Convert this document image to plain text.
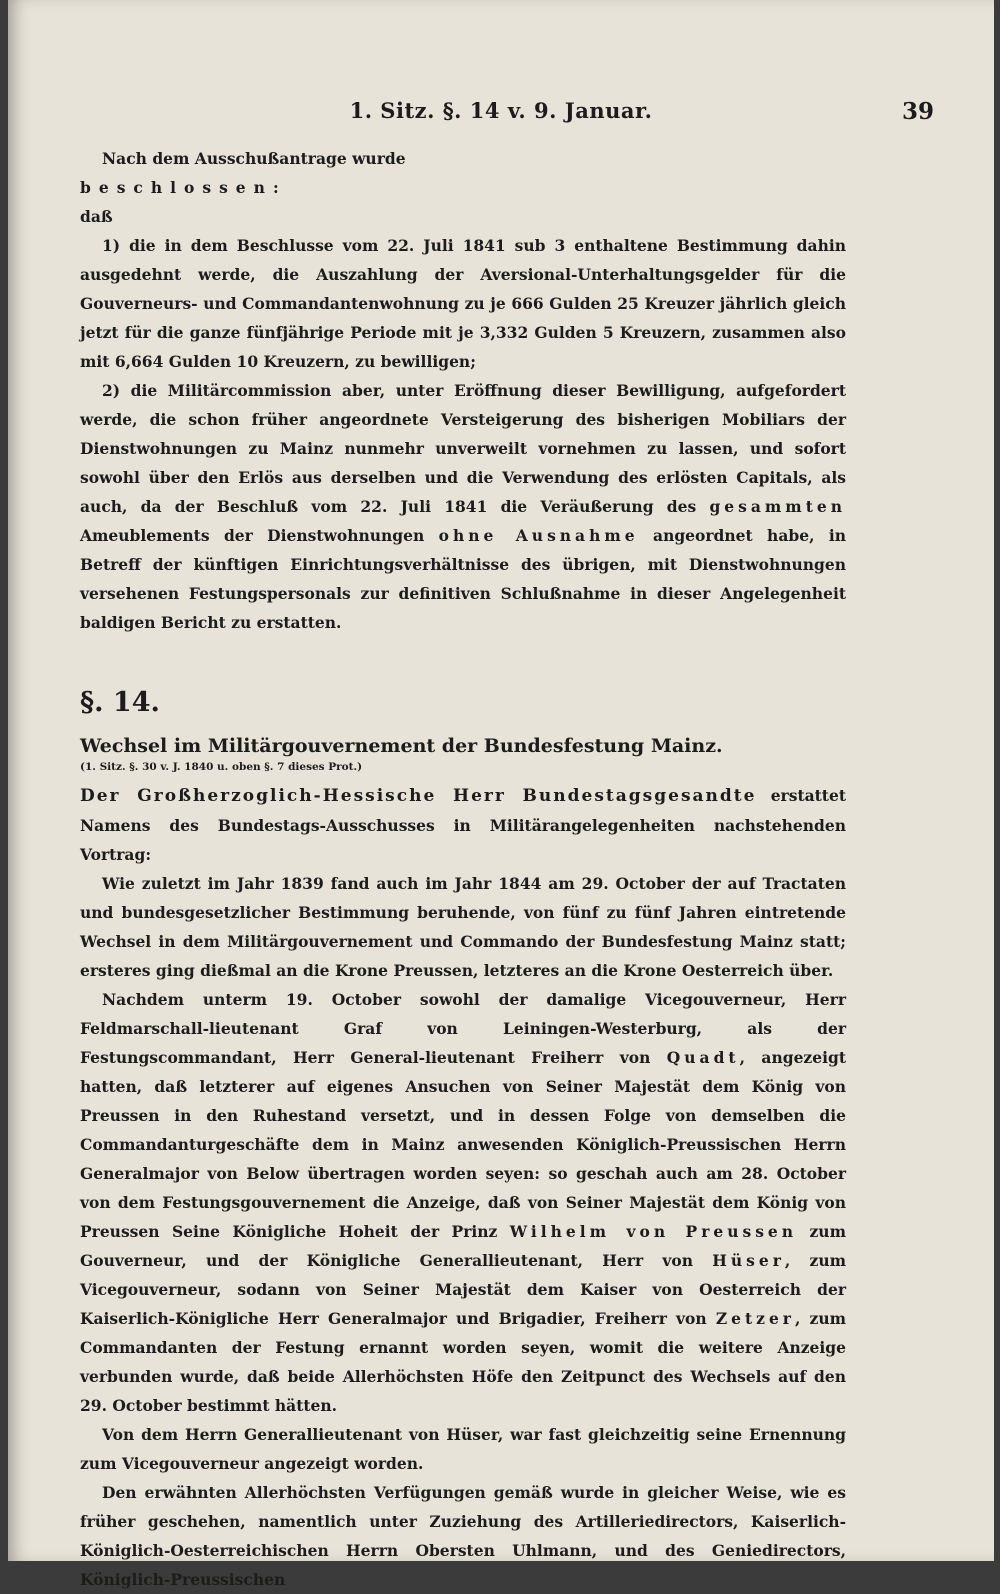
1. Sitz. §. 14 v. 9. Januar.	39

Nach dem Ausschußantrage wurde

beschlossen:

daß

1) die in dem Beschlusse vom 22. Juli 1841 sub 3 enthaltene Bestimmung dahin ausgedehnt werde, die Auszahlung der Aversional-Unterhaltungsgelder für die Gouverneurs- und Commandantenwohnung zu je 666 Gulden 25 Kreuzer jährlich gleich jetzt für die ganze fünfjährige Periode mit je 3,332 Gulden 5 Kreuzern, zusammen also mit 6,664 Gulden 10 Kreuzern, zu bewilligen;

2) die Militärcommission aber, unter Eröffnung dieser Bewilligung, aufgefordert werde, die schon früher angeordnete Versteigerung des bisherigen Mobiliars der Dienstwohnungen zu Mainz nunmehr unverweilt vornehmen zu lassen, und sofort sowohl über den Erlös aus derselben und die Verwendung des erlösten Capitals, als auch, da der Beschluß vom 22. Juli 1841 die Veräußerung des gesammten Ameublements der Dienstwohnungen ohne Ausnahme angeordnet habe, in Betreff der künftigen Einrichtungsverhältnisse des übrigen, mit Dienstwohnungen versehenen Festungspersonals zur definitiven Schlußnahme in dieser Angelegenheit baldigen Bericht zu erstatten.

§. 14.

Wechsel im Militärgouvernement der Bundesfestung Mainz.

(1. Sitz. §. 30 v. J. 1840 u. oben §. 7 dieses Prot.)

Der Großherzoglich-Hessische Herr Bundestagsgesandte erstattet Namens des Bundestags-Ausschusses in Militärangelegenheiten nachstehenden Vortrag:

Wie zuletzt im Jahr 1839 fand auch im Jahr 1844 am 29. October der auf Tractaten und bundesgesetzlicher Bestimmung beruhende, von fünf zu fünf Jahren eintretende Wechsel in dem Militärgouvernement und Commando der Bundesfestung Mainz statt; ersteres ging dießmal an die Krone Preussen, letzteres an die Krone Oesterreich über.

Nachdem unterm 19. October sowohl der damalige Vicegouverneur, Herr Feldmarschall-lieutenant Graf von Leiningen-Westerburg, als der Festungscommandant, Herr General-lieutenant Freiherr von Quadt, angezeigt hatten, daß letzterer auf eigenes Ansuchen von Seiner Majestät dem König von Preussen in den Ruhestand versetzt, und in dessen Folge von demselben die Commandanturgeschäfte dem in Mainz anwesenden Königlich-Preussischen Herrn Generalmajor von Below übertragen worden seyen: so geschah auch am 28. October von dem Festungsgouvernement die Anzeige, daß von Seiner Majestät dem König von Preussen Seine Königliche Hoheit der Prinz Wilhelm von Preussen zum Gouverneur, und der Königliche Generallieutenant, Herr von Hüser, zum Vicegouverneur, sodann von Seiner Majestät dem Kaiser von Oesterreich der Kaiserlich-Königliche Herr Generalmajor und Brigadier, Freiherr von Zetzer, zum Commandanten der Festung ernannt worden seyen, womit die weitere Anzeige verbunden wurde, daß beide Allerhöchsten Höfe den Zeitpunct des Wechsels auf den 29. October bestimmt hätten.

Von dem Herrn Generallieutenant von Hüser, war fast gleichzeitig seine Ernennung zum Vicegouverneur angezeigt worden.

Den erwähnten Allerhöchsten Verfügungen gemäß wurde in gleicher Weise, wie es früher geschehen, namentlich unter Zuziehung des Artilleriedirectors, Kaiserlich-Königlich-Oesterreichischen Herrn Obersten Uhlmann, und des Geniedirectors, Königlich-Preussischen
